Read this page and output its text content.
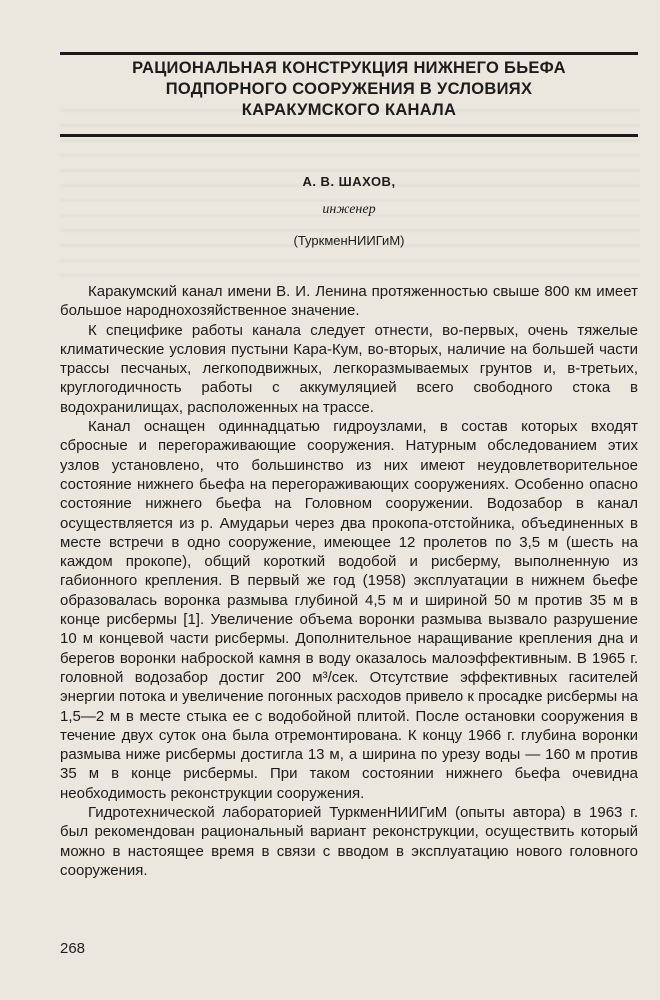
РАЦИОНАЛЬНАЯ КОНСТРУКЦИЯ НИЖНЕГО БЬЕФА
ПОДПОРНОГО СООРУЖЕНИЯ В УСЛОВИЯХ
КАРАКУМСКОГО КАНАЛА
А. В. ШАХОВ,
инженер
(ТуркменНИИГиМ)

Каракумский канал имени В. И. Ленина протяженностью свыше 800 км имеет большое народнохозяйственное значение.

К специфике работы канала следует отнести, во-первых, очень тяжелые климатические условия пустыни Кара-Кум, во-вторых, наличие на большей части трассы песчаных, легкоподвижных, легкоразмываемых грунтов и, в-третьих, круглогодичность работы с аккумуляцией всего свободного стока в водохранилищах, расположенных на трассе.

Канал оснащен одиннадцатью гидроузлами, в состав которых входят сбросные и перегораживающие сооружения. Натурным обследованием этих узлов установлено, что большинство из них имеют неудовлетворительное состояние нижнего бьефа на перегораживающих сооружениях. Особенно опасно состояние нижнего бьефа на Головном сооружении. Водозабор в канал осуществляется из р. Амударьи через два прокопа-отстойника, объединенных в месте встречи в одно сооружение, имеющее 12 пролетов по 3,5 м (шесть на каждом прокопе), общий короткий водобой и рисберму, выполненную из габионного крепления. В первый же год (1958) эксплуатации в нижнем бьефе образовалась воронка размыва глубиной 4,5 м и шириной 50 м против 35 м в конце рисбермы [1]. Увеличение объема воронки размыва вызвало разрушение 10 м концевой части рисбермы. Дополнительное наращивание крепления дна и берегов воронки наброской камня в воду оказалось малоэффективным. В 1965 г. головной водозабор достиг 200 м³/сек. Отсутствие эффективных гасителей энергии потока и увеличение погонных расходов привело к просадке рисбермы на 1,5—2 м в месте стыка ее с водобойной плитой. После остановки сооружения в течение двух суток она была отремонтирована. К концу 1966 г. глубина воронки размыва ниже рисбермы достигла 13 м, а ширина по урезу воды — 160 м против 35 м в конце рисбермы. При таком состоянии нижнего бьефа очевидна необходимость реконструкции сооружения.

Гидротехнической лабораторией ТуркменНИИГиМ (опыты автора) в 1963 г. был рекомендован рациональный вариант реконструкции, осуществить который можно в настоящее время в связи с вводом в эксплуатацию нового головного сооружения.

268
